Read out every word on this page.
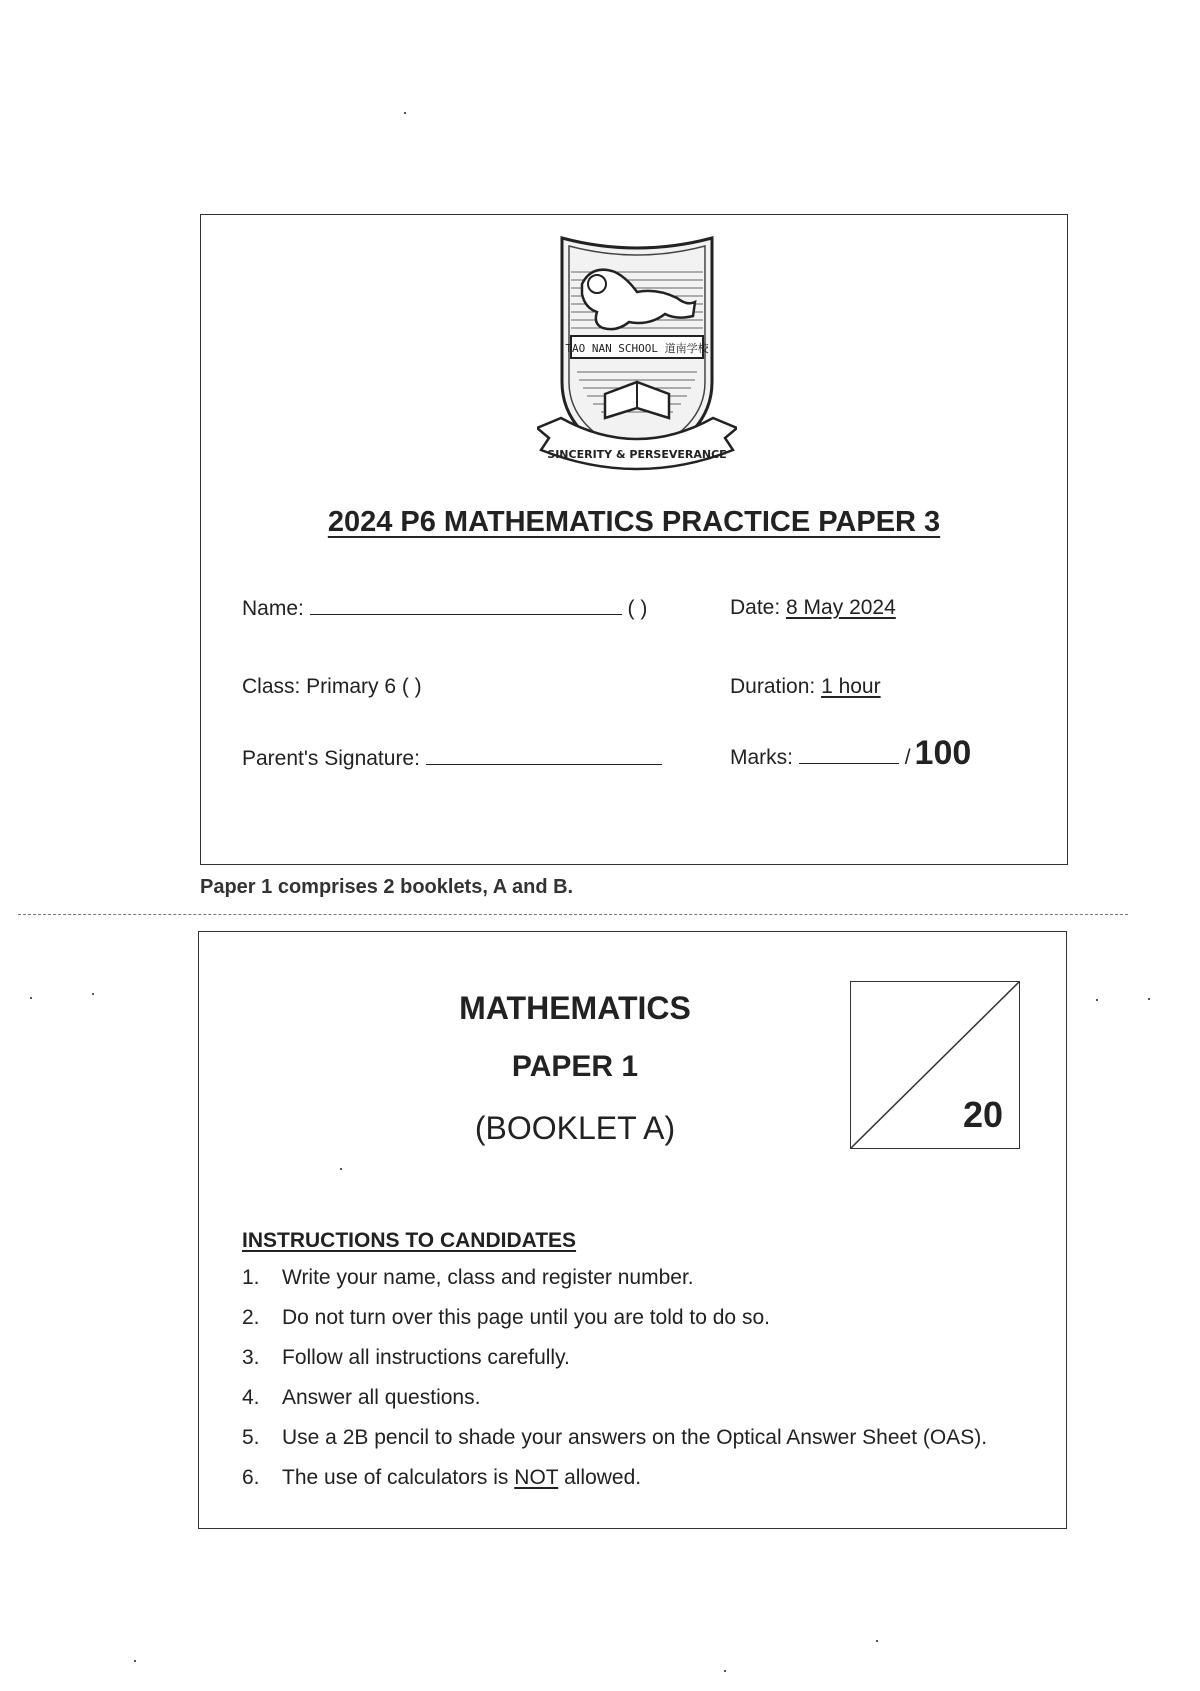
TAO NAN SCHOOL 道南学校
SINCERITY & PERSEVERANCE
2024 P6 MATHEMATICS PRACTICE PAPER 3
Name:	( )	Date: 8 May 2024
Class: Primary 6 ( )	Duration: 1 hour
Parent's Signature:	Marks:	/ 100
Paper 1 comprises 2 booklets, A and B.
MATHEMATICS
PAPER 1
(BOOKLET A)	20
INSTRUCTIONS TO CANDIDATES
1.	Write your name, class and register number.
2.	Do not turn over this page until you are told to do so.
3.	Follow all instructions carefully.
4.	Answer all questions.
5.	Use a 2B pencil to shade your answers on the Optical Answer Sheet (OAS).
6.	The use of calculators is NOT allowed.
